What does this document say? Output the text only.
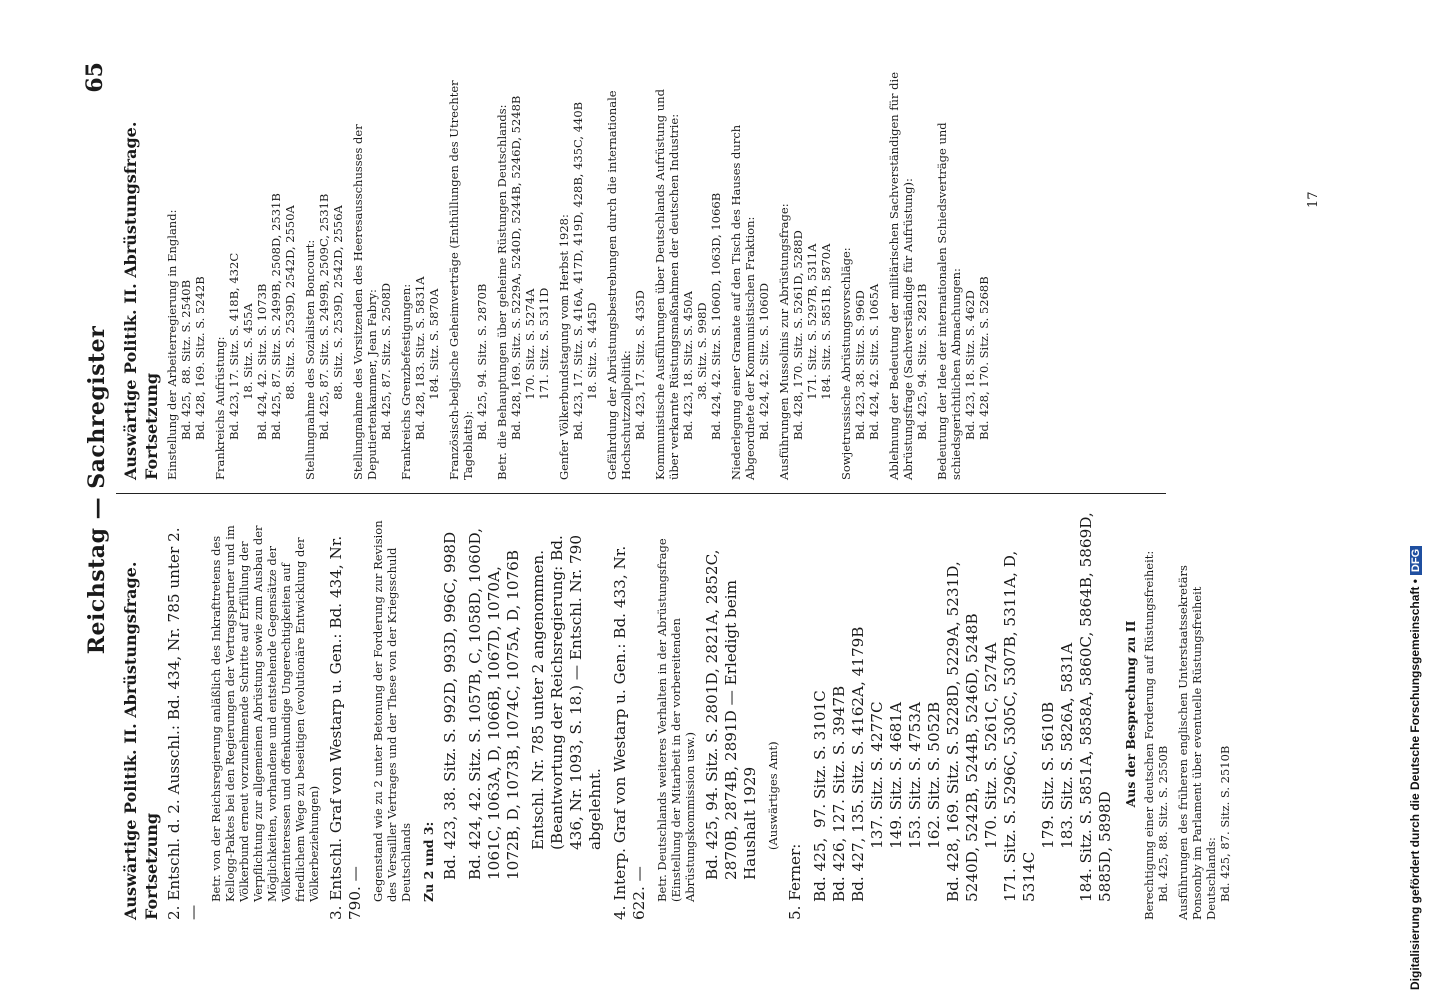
Reichstag — Sachregister
65
Auswärtige Politik. II. Abrüstungsfrage. Fortsetzung 2. Entschl. d. 2. Ausschl.: Bd. 434, Nr. 785 unter 2. —
Betr. von der Reichsregierung anläßlich des Inkrafttretens des Kellogg-Paktes bei den Regierungen der Vertragspartner und im Völkerbund erneut vorzunehmende Schritte auf Erfüllung der Verpflichtung zur allgemeinen Abrüstung sowie zum Ausbau der Möglichkeiten, vorhandene und entstehende Gegensätze der Völkerinteressen und offenkundige Ungerechtigkeiten auf friedlichem Wege zu beseitigen (evolutionäre Entwicklung der Völkerbeziehungen) 3. Entschl. Graf von Westarp u. Gen.: Bd. 434, Nr. 790. — Gegenstand wie zu 2 unter Betonung der Forderung zur Revision des Versailler Vertrages und der These von der Kriegsschuld Deutschlands Zu 2 und 3: Bd. 423, 38. Sitz. S. 992D, 993D, 996C, 998D Bd. 424, 42. Sitz. S. 1057B, C, 1058D, 1060D, 1061C, 1063A, D, 1066B, 1067D, 1070A, 1072B, D, 1073B, 1074C, 1075A, D, 1076B Entschl. Nr. 785 unter 2 angenommen. (Beantwortung der Reichsregierung: Bd. 436, Nr. 1093, S. 18.) — Entschl. Nr. 790 abgelehnt. 4. Interp. Graf von Westarp u. Gen.: Bd. 433, Nr. 622. — Betr. Deutschlands weiteres Verhalten in der Abrüstungsfrage (Einstellung der Mitarbeit in der vorbereitenden Abrüstungskommission usw.) Bd. 425, 94. Sitz. S. 2801D, 2821A, 2852C, 2870B, 2874B, 2891D — Erledigt beim Haushalt 1929 (Auswärtiges Amt)
5. Ferner: Bd. 425,  97. Sitz. S. 3101C Bd. 426, 127. Sitz. S. 3947B Bd. 427, 135. Sitz. S. 4162A, 4179B 137. Sitz. S. 4277C 149. Sitz. S. 4681A 153. Sitz. S. 4753A 162. Sitz. S. 5052B Bd. 428, 169. Sitz. S. 5228D, 5229A, 5231D, 5240D, 5242B, 5244B, 5246D, 5248B 170. Sitz. S. 5261C, 5274A 171. Sitz. S. 5296C, 5305C, 5307B, 5311A, D, 5314C 179. Sitz. S. 5610B 183. Sitz. S. 5826A, 5831A 184. Sitz. S. 5851A, 5858A, 5860C, 5864B, 5869D, 5885D, 5898D
Aus der Besprechung zu II Berechtigung einer deutschen Forderung auf Rüstungsfreiheit: Bd. 425, 88. Sitz. S. 2550B Ausführungen des früheren englischen Unterstaatssekretärs Ponsonby im Parlament über eventuelle Rüstungsfreiheit Deutschlands: Bd. 425, 87. Sitz. S. 2510B
Auswärtige Politik. II. Abrüstungsfrage. Fortsetzung Einstellung der Arbeiterregierung in England: Bd. 425,  88. Sitz. S. 2540B Bd. 428, 169. Sitz. S. 5242B Frankreichs Aufrüstung: Bd. 423, 17. Sitz. S. 418B, 432C 18. Sitz. S. 455A Bd. 424, 42. Sitz. S. 1073B Bd. 425, 87. Sitz. S. 2499B, 2508D, 2531B 88. Sitz. S. 2539D, 2542D, 2550A Stellungnahme des Sozialisten Boncourt: Bd. 425, 87. Sitz. S. 2499B, 2509C, 2531B 88. Sitz. S. 2539D, 2542D, 2556A Stellungnahme des Vorsitzenden des Heeresausschusses der Deputiertenkammer, Jean Fabry: Bd. 425, 87. Sitz. S. 2508D Frankreichs Grenzbefestigungen: Bd. 428, 183. Sitz. S. 5831A 184. Sitz. S. 5870A Französisch-belgische Geheimverträge (Enthüllungen des Utrechter Tageblatts):
Bd. 425, 94. Sitz. S. 2870B Betr. die Behauptungen über geheime Rüstungen Deutschlands: Bd. 428, 169. Sitz. S. 5229A, 5240D, 5244B, 5246D, 5248B 170. Sitz. S. 5274A 171. Sitz. S. 5311D Genfer Völkerbundstagung vom Herbst 1928: Bd. 423, 17. Sitz. S. 416A, 417D, 419D, 428B, 435C, 440B 18. Sitz. S. 445D Gefährdung der Abrüstungsbestrebungen durch die internationale Hochschutzzollpolitik: Bd. 423, 17. Sitz. S. 435D Kommunistische Ausführungen über Deutschlands Aufrüstung und über verkarnte Rüstungsmaßnahmen der deutschen Industrie: Bd. 423, 18. Sitz. S. 450A 38. Sitz. S. 998D Bd. 424, 42. Sitz. S. 1060D, 1063D, 1066B Niederlegung einer Granate auf den Tisch des Hauses durch Abgeordnete der Kommunistischen Fraktion: Bd. 424, 42. Sitz. S. 1060D Ausführungen Mussolinis zur Abrüstungsfrage: Bd. 428, 170. Sitz. S. 5261D, 5288D 171. Sitz. S. 5297B, 5311A 184. Sitz. S. 5851B, 5870A Sowjetrussische Abrüstungsvorschläge: Bd. 423, 38. Sitz. S. 996D Bd. 424, 42. Sitz. S. 1065A Ablehnung der Bedeutung der militärischen Sachverständigen für die Abrüstungsfrage (Sachverständige für Aufrüstung): Bd. 425, 94. Sitz. S. 2821B Bedeutung der Idee der internationalen Schiedsverträge und schiedsgerichtlichen Abmachungen: Bd. 423, 18. Sitz. S. 462D Bd. 428, 170. Sitz. S. 5268B
17
Digitalisierung gefördert durch die Deutsche Forschungsgemeinschaft •DFG
